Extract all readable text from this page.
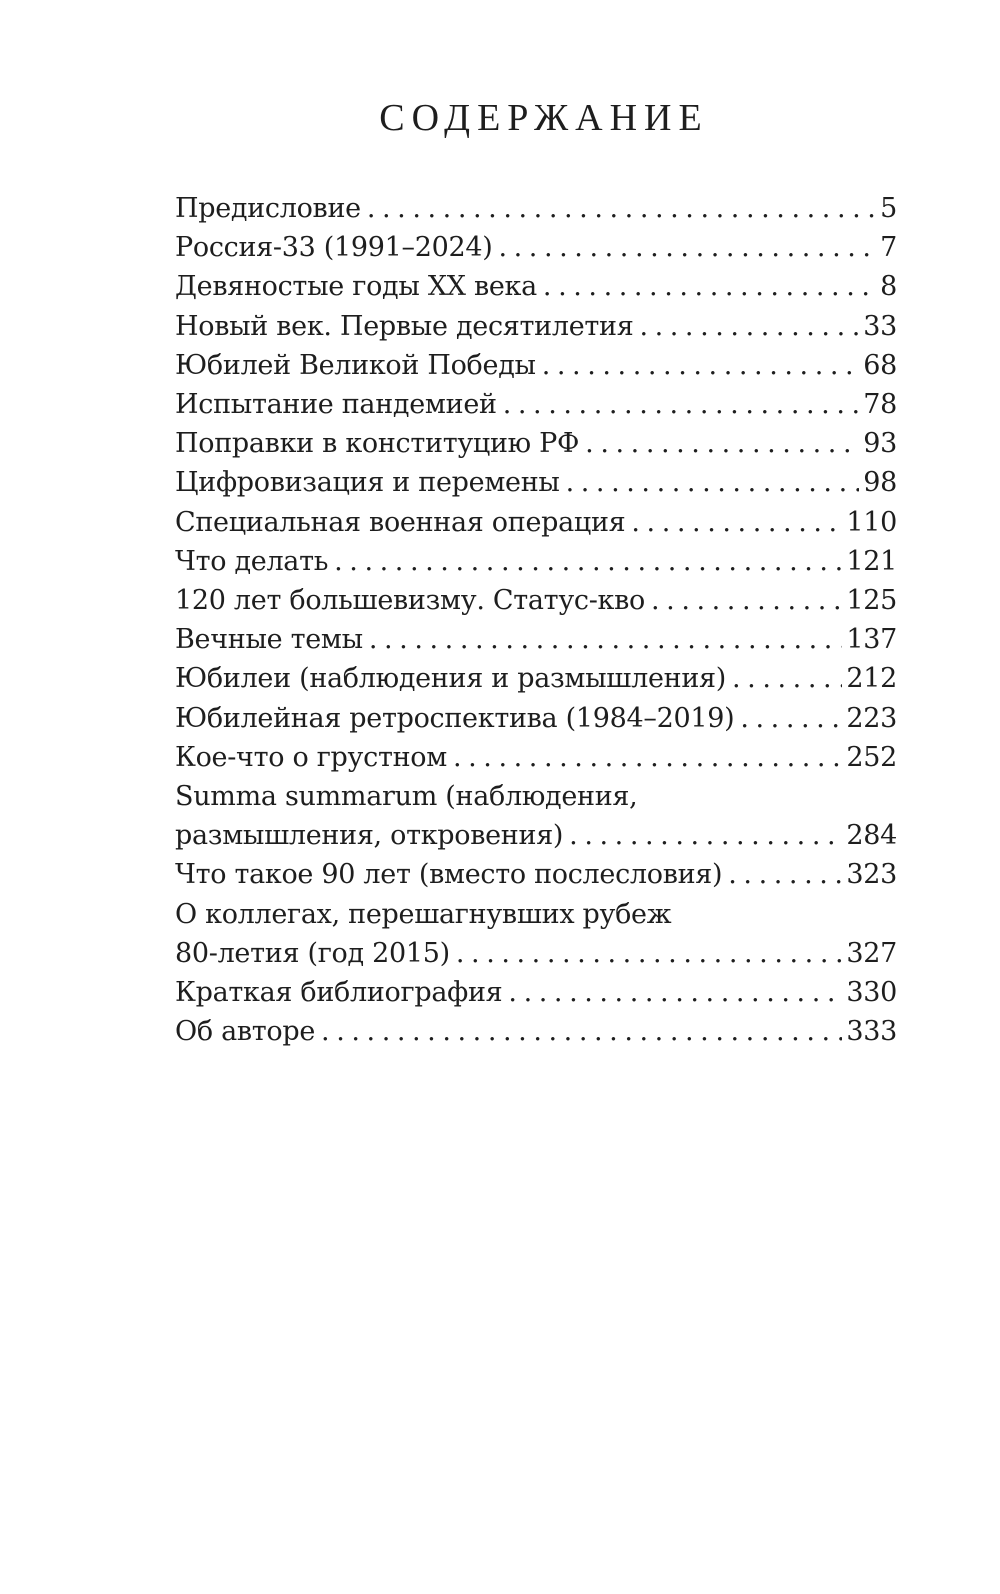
СОДЕРЖАНИЕ
Предисловие . . .	5
Россия-33 (1991–2024) . . .	7
Девяностые годы XX века . . .	8
Новый век. Первые десятилетия . . .	33
Юбилей Великой Победы . . .	68
Испытание пандемией . . .	78
Поправки в конституцию РФ . . .	93
Цифровизация и перемены . . .	98
Специальная военная операция . . .	110
Что делать . . .	121
120 лет большевизму. Статус-кво . . .	125
Вечные темы . . .	137
Юбилеи (наблюдения и размышления) . . .	212
Юбилейная ретроспектива (1984–2019) . . .	223
Кое-что о грустном . . .	252
Summa summarum (наблюдения,
размышления, откровения) . . .	284
Что такое 90 лет (вместо послесловия) . . .	323
О коллегах, перешагнувших рубеж
80-летия (год 2015) . . .	327
Краткая библиография . . .	330
Об авторе . . .	333
